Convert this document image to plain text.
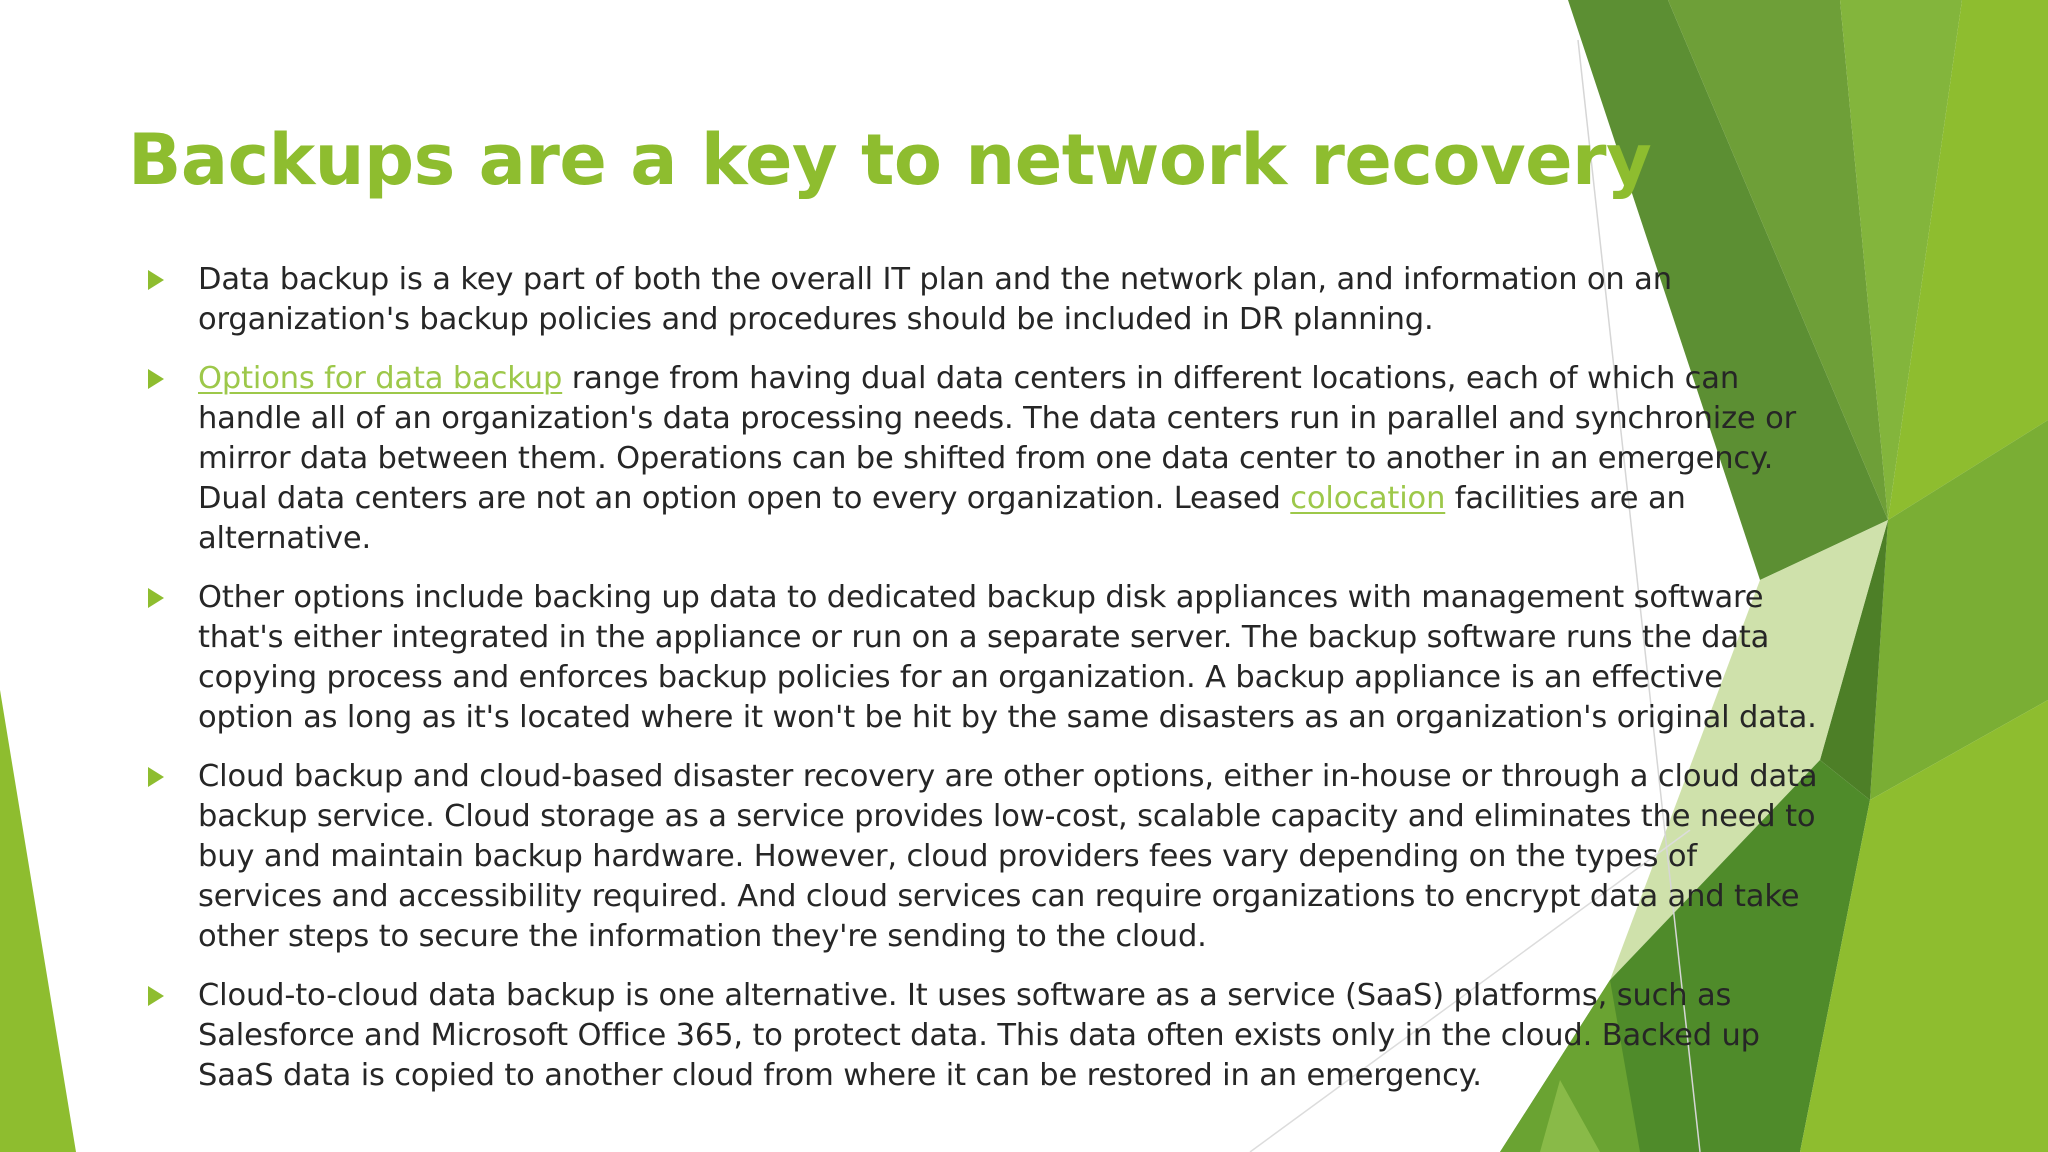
Backups are a key to network recovery
Data backup is a key part of both the overall IT plan and the network plan, and information on an organization's backup policies and procedures should be included in DR planning.
Options for data backup range from having dual data centers in different locations, each of which can handle all of an organization's data processing needs. The data centers run in parallel and synchronize or mirror data between them. Operations can be shifted from one data center to another in an emergency. Dual data centers are not an option open to every organization. Leased colocation facilities are an alternative.
Other options include backing up data to dedicated backup disk appliances with management software that's either integrated in the appliance or run on a separate server. The backup software runs the data copying process and enforces backup policies for an organization. A backup appliance is an effective option as long as it's located where it won't be hit by the same disasters as an organization's original data.
Cloud backup and cloud-based disaster recovery are other options, either in-house or through a cloud data backup service. Cloud storage as a service provides low-cost, scalable capacity and eliminates the need to buy and maintain backup hardware. However, cloud providers fees vary depending on the types of services and accessibility required. And cloud services can require organizations to encrypt data and take other steps to secure the information they're sending to the cloud.
Cloud-to-cloud data backup is one alternative. It uses software as a service (SaaS) platforms, such as Salesforce and Microsoft Office 365, to protect data. This data often exists only in the cloud. Backed up SaaS data is copied to another cloud from where it can be restored in an emergency.
